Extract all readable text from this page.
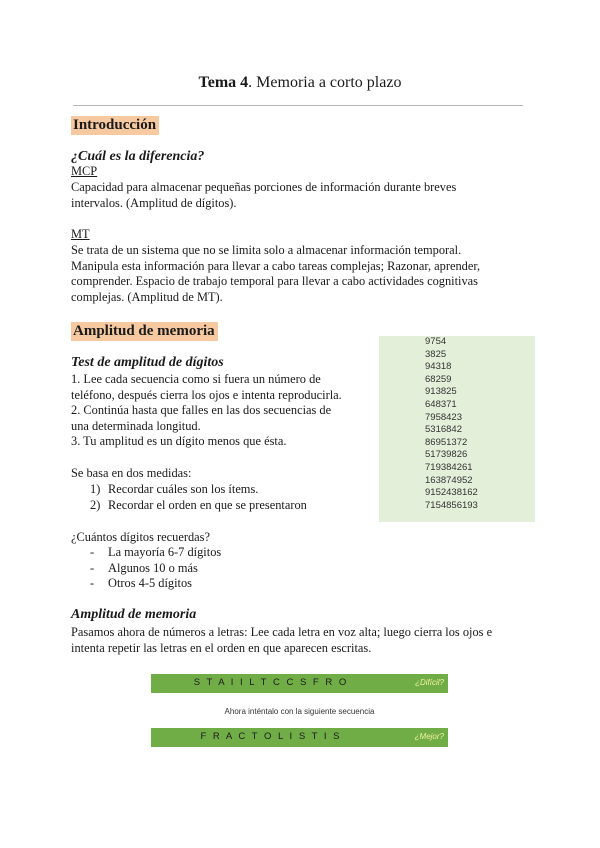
Tema 4. Memoria a corto plazo
Introducción
¿Cuál es la diferencia?
MCP
Capacidad para almacenar pequeñas porciones de información durante breves
intervalos. (Amplitud de dígitos).
MT
Se trata de un sistema que no se limita solo a almacenar información temporal.
Manipula esta información para llevar a cabo tareas complejas; Razonar, aprender,
comprender. Espacio de trabajo temporal para llevar a cabo actividades cognitivas
complejas. (Amplitud de MT).
Amplitud de memoria
Test de amplitud de dígitos
1. Lee cada secuencia como si fuera un número de
teléfono, después cierra los ojos e intenta reproducirla.
2. Continúa hasta que falles en las dos secuencias de
una determinada longitud.
3. Tu amplitud es un dígito menos que ésta.
9754
3825
94318
68259
913825
648371
7958423
5316842
86951372
51739826
719384261
163874952
9152438162
7154856193
Se basa en dos medidas:
1) Recordar cuáles son los ítems.
2) Recordar el orden en que se presentaron
¿Cuántos dígitos recuerdas?
- La mayoría 6-7 dígitos
- Algunos 10 o más
- Otros 4-5 dígitos
Amplitud de memoria
Pasamos ahora de números a letras: Lee cada letra en voz alta; luego cierra los ojos e
intenta repetir las letras en el orden en que aparecen escritas.
S T A I I L T C C S F R O	¿Difícil?
Ahora inténtalo con la siguiente secuencia
F R A C T O L I S T I S	¿Mejor?
